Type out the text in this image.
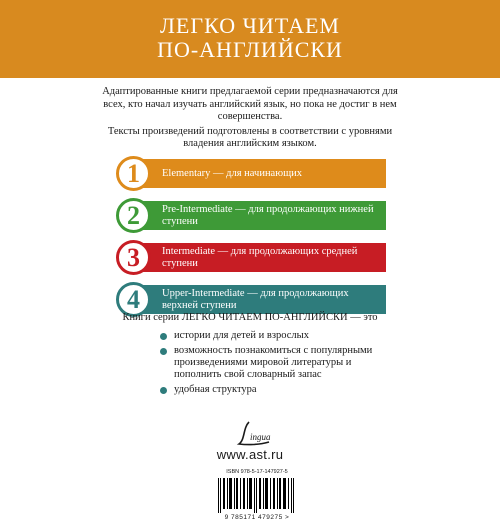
ЛЕГКО ЧИТАЕМ
ПО-АНГЛИЙСКИ

Адаптированные книги предлагаемой серии предназначаются для всех, кто начал изучать английский язык, но пока не достиг в нем совершенства.

Тексты произведений подготовлены в соответствии с уровнями владения английским языком.

Elementary — для начинающих
1
Pre-Intermediate — для продолжающих нижней ступени
2
Intermediate — для продолжающих средней ступени
3
Upper-Intermediate — для продолжающих верхней ступени
4
Книги серии ЛЕГКО ЧИТАЕМ ПО-АНГЛИЙСКИ — это
истории для детей и взрослых
возможность познакомиться с популярными произведениями мировой литературы и пополнить свой словарный запас
удобная структура
ingua
www.ast.ru
ISBN 978-5-17-147927-5
9 785171 479275 >
